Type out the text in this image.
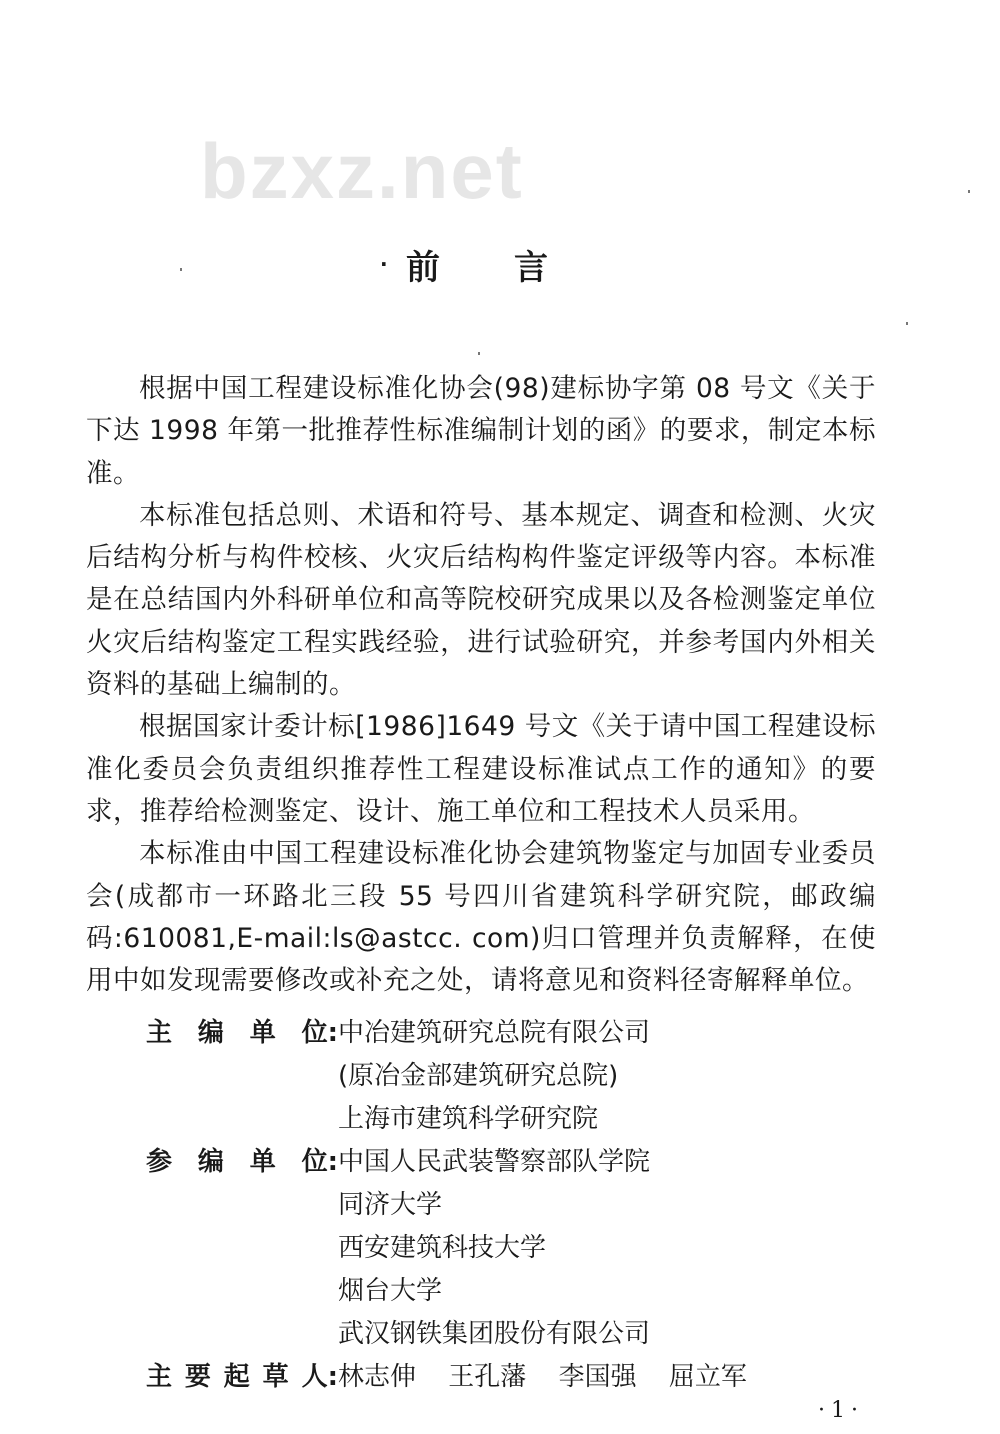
bzxz.net
· 前 言

根据中国工程建设标准化协会(98)建标协字第 08 号文《关于下达 1998 年第一批推荐性标准编制计划的函》的要求，制定本标准。

本标准包括总则、术语和符号、基本规定、调查和检测、火灾后结构分析与构件校核、火灾后结构构件鉴定评级等内容。本标准是在总结国内外科研单位和高等院校研究成果以及各检测鉴定单位火灾后结构鉴定工程实践经验，进行试验研究，并参考国内外相关资料的基础上编制的。

根据国家计委计标[1986]1649 号文《关于请中国工程建设标准化委员会负责组织推荐性工程建设标准试点工作的通知》的要求，推荐给检测鉴定、设计、施工单位和工程技术人员采用。

本标准由中国工程建设标准化协会建筑物鉴定与加固专业委员会(成都市一环路北三段 55 号四川省建筑科学研究院，邮政编码:610081,E-mail:ls@astcc. com)归口管理并负责解释，在使用中如发现需要修改或补充之处，请将意见和资料径寄解释单位。

主 编 单 位: 中冶建筑研究总院有限公司
(原冶金部建筑研究总院)
上海市建筑科学研究院
参 编 单 位: 中国人民武装警察部队学院
同济大学
西安建筑科技大学
烟台大学
武汉钢铁集团股份有限公司
主 要 起 草 人: 林志伸 王孔藩 李国强 屈立军
·1·
